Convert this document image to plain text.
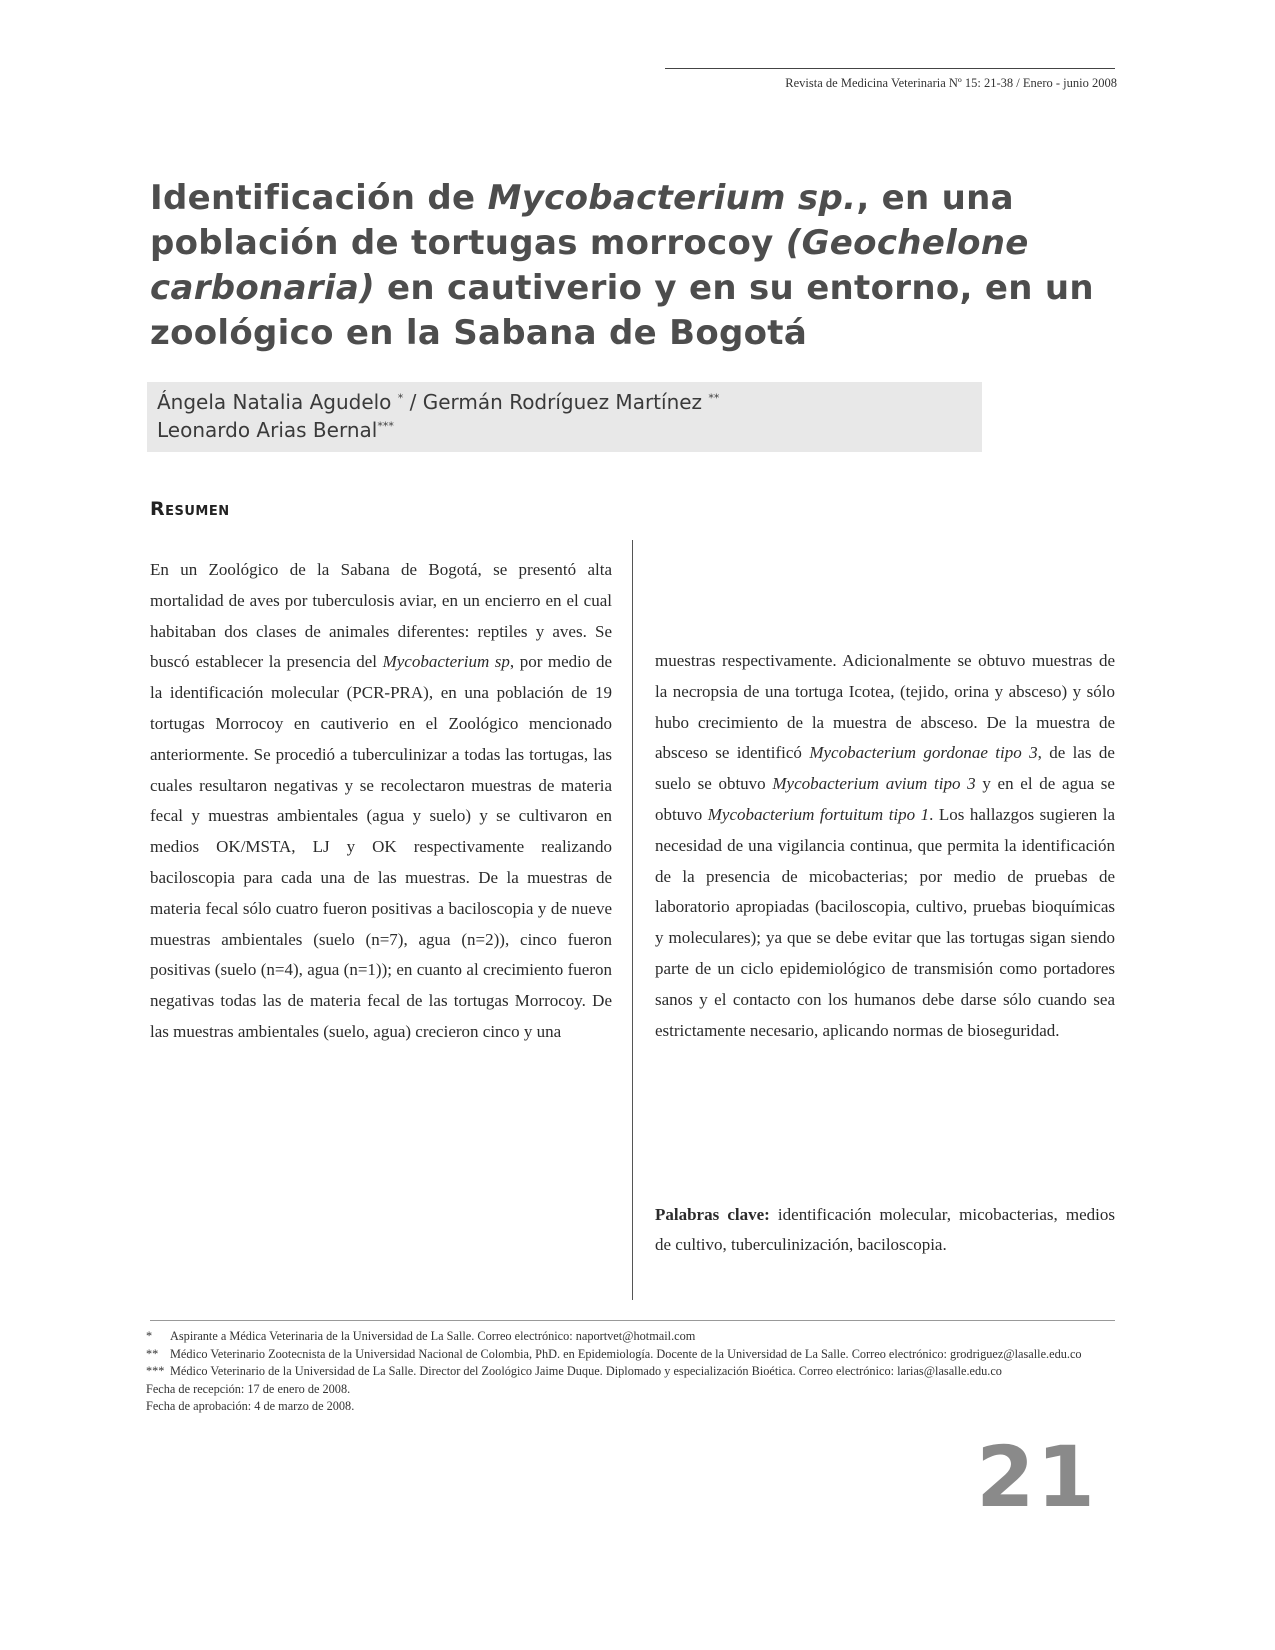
Revista de Medicina Veterinaria Nº 15: 21-38 / Enero - junio 2008
Identificación de Mycobacterium sp., en una población de tortugas morrocoy (Geochelone carbonaria) en cautiverio y en su entorno, en un zoológico en la Sabana de Bogotá
Ángela Natalia Agudelo * / Germán Rodríguez Martínez **
Leonardo Arias Bernal***
Resumen

En un Zoológico de la Sabana de Bogotá, se presentó alta mortalidad de aves por tuberculosis aviar, en un encierro en el cual habitaban dos clases de animales diferentes: reptiles y aves. Se buscó establecer la presencia del Mycobacterium sp, por medio de la identificación molecular (PCR-PRA), en una población de 19 tortugas Morrocoy en cautiverio en el Zoológico mencionado anteriormente. Se procedió a tuberculinizar a todas las tortugas, las cuales resultaron negativas y se recolectaron muestras de materia fecal y muestras ambientales (agua y suelo) y se cultivaron en medios OK/MSTA, LJ y OK respectivamente realizando baciloscopia para cada una de las muestras. De la muestras de materia fecal sólo cuatro fueron positivas a baciloscopia y de nueve muestras ambientales (suelo (n=7), agua (n=2)), cinco fueron positivas (suelo (n=4), agua (n=1)); en cuanto al crecimiento fueron negativas todas las de materia fecal de las tortugas Morrocoy. De las muestras ambientales (suelo, agua) crecieron cinco y una

muestras respectivamente. Adicionalmente se obtuvo muestras de la necropsia de una tortuga Icotea, (tejido, orina y absceso) y sólo hubo crecimiento de la muestra de absceso. De la muestra de absceso se identificó Mycobacterium gordonae tipo 3, de las de suelo se obtuvo Mycobacterium avium tipo 3 y en el de agua se obtuvo Mycobacterium fortuitum tipo 1. Los hallazgos sugieren la necesidad de una vigilancia continua, que permita la identificación de la presencia de micobacterias; por medio de pruebas de laboratorio apropiadas (baciloscopia, cultivo, pruebas bioquímicas y moleculares); ya que se debe evitar que las tortugas sigan siendo parte de un ciclo epidemiológico de transmisión como portadores sanos y el contacto con los humanos debe darse sólo cuando sea estrictamente necesario, aplicando normas de bioseguridad.

Palabras clave: identificación molecular, micobacterias, medios de cultivo, tuberculinización, baciloscopia.
* Aspirante a Médica Veterinaria de la Universidad de La Salle. Correo electrónico: naportvet@hotmail.com
** Médico Veterinario Zootecnista de la Universidad Nacional de Colombia, PhD. en Epidemiología. Docente de la Universidad de La Salle. Correo electrónico: grodriguez@lasalle.edu.co
*** Médico Veterinario de la Universidad de La Salle. Director del Zoológico Jaime Duque. Diplomado y especialización Bioética. Correo electrónico: larias@lasalle.edu.co
Fecha de recepción: 17 de enero de 2008.
Fecha de aprobación: 4 de marzo de 2008.
21
